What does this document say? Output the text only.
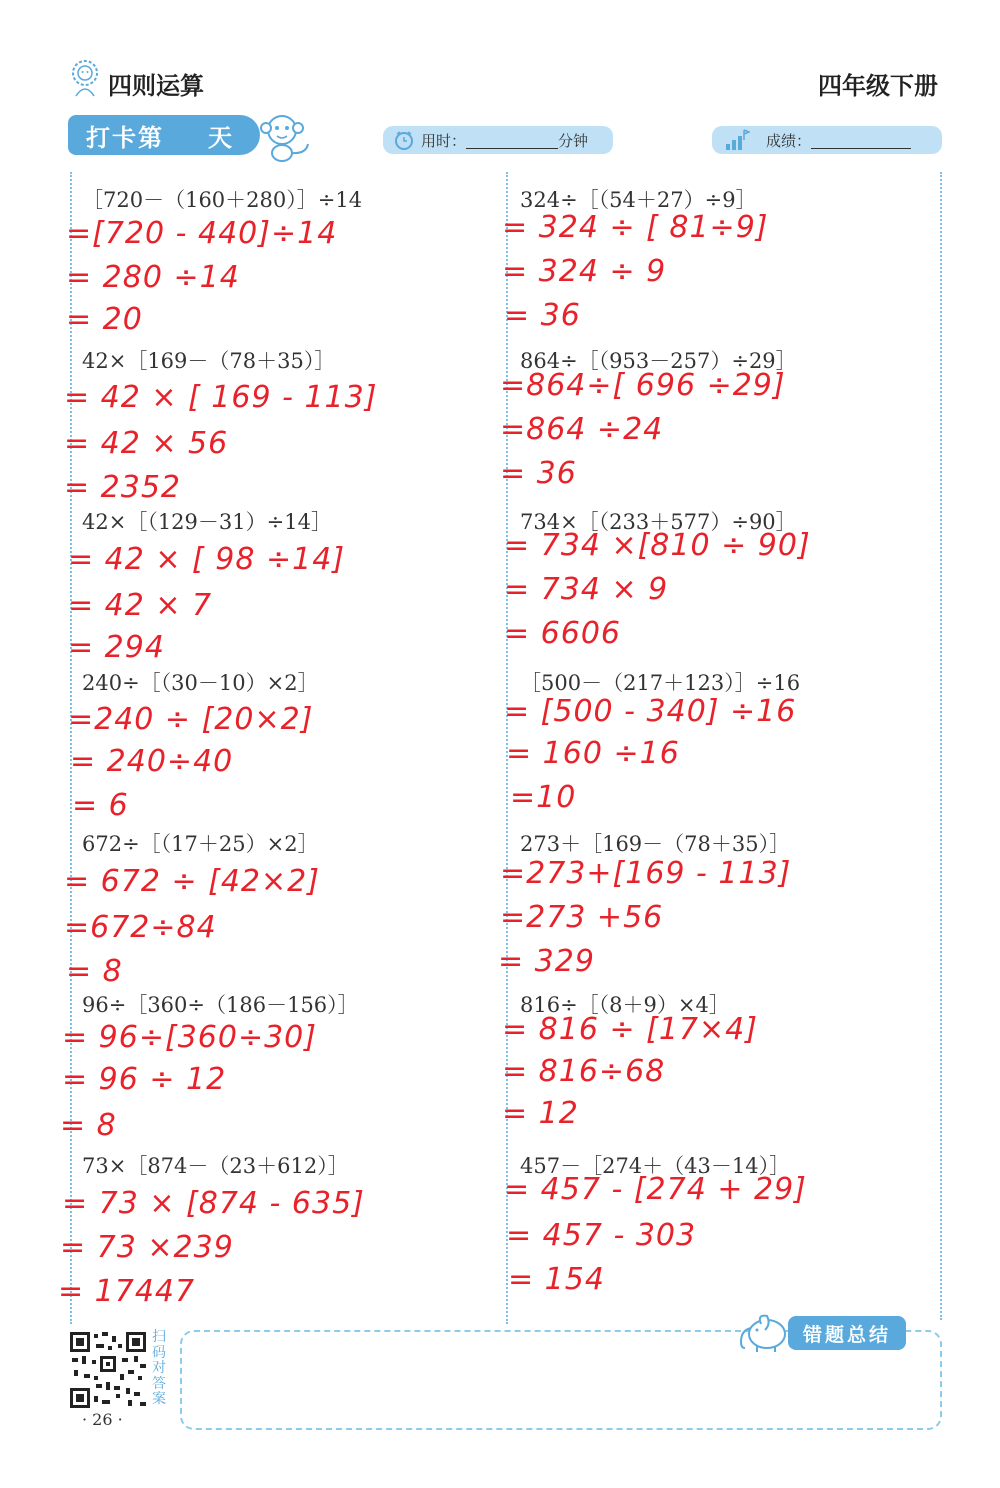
四则运算	四年级下册
打卡第 天	用时：	分钟	成绩：
［720－（160＋280）］÷14
=[720 - 440]÷14
= 280 ÷14
= 20
42×［169－（78＋35）］
= 42 × [ 169 - 113]
= 42 × 56
= 2352
42×［（129－31）÷14］
= 42 × [ 98 ÷14]
= 42 × 7
= 294
240÷［（30－10）×2］
=240 ÷ [20×2]
= 240÷40
= 6
672÷［（17＋25）×2］
= 672 ÷ [42×2]
=672÷84
= 8
96÷［360÷（186－156）］
= 96÷[360÷30]
= 96 ÷ 12
= 8
73×［874－（23＋612）］
= 73 × [874 - 635]
= 73 ×239
= 17447
324÷［（54＋27）÷9］
= 324 ÷ [ 81÷9]
= 324 ÷ 9
= 36
864÷［（953－257）÷29］
=864÷[ 696 ÷29]
=864 ÷24
= 36
734×［（233＋577）÷90］
= 734 ×[810 ÷ 90]
= 734 × 9
= 6606
［500－（217＋123）］÷16
= [500 - 340] ÷16
= 160 ÷16
=10
273＋［169－（78＋35）］
=273+[169 - 113]
=273 +56
= 329
816÷［（8＋9）×4］
= 816 ÷ [17×4]
= 816÷68
= 12
457－［274＋（43－14）］
= 457 - [274 + 29]
= 457 - 303
= 154
扫码对答案
· 26 ·
错题总结
